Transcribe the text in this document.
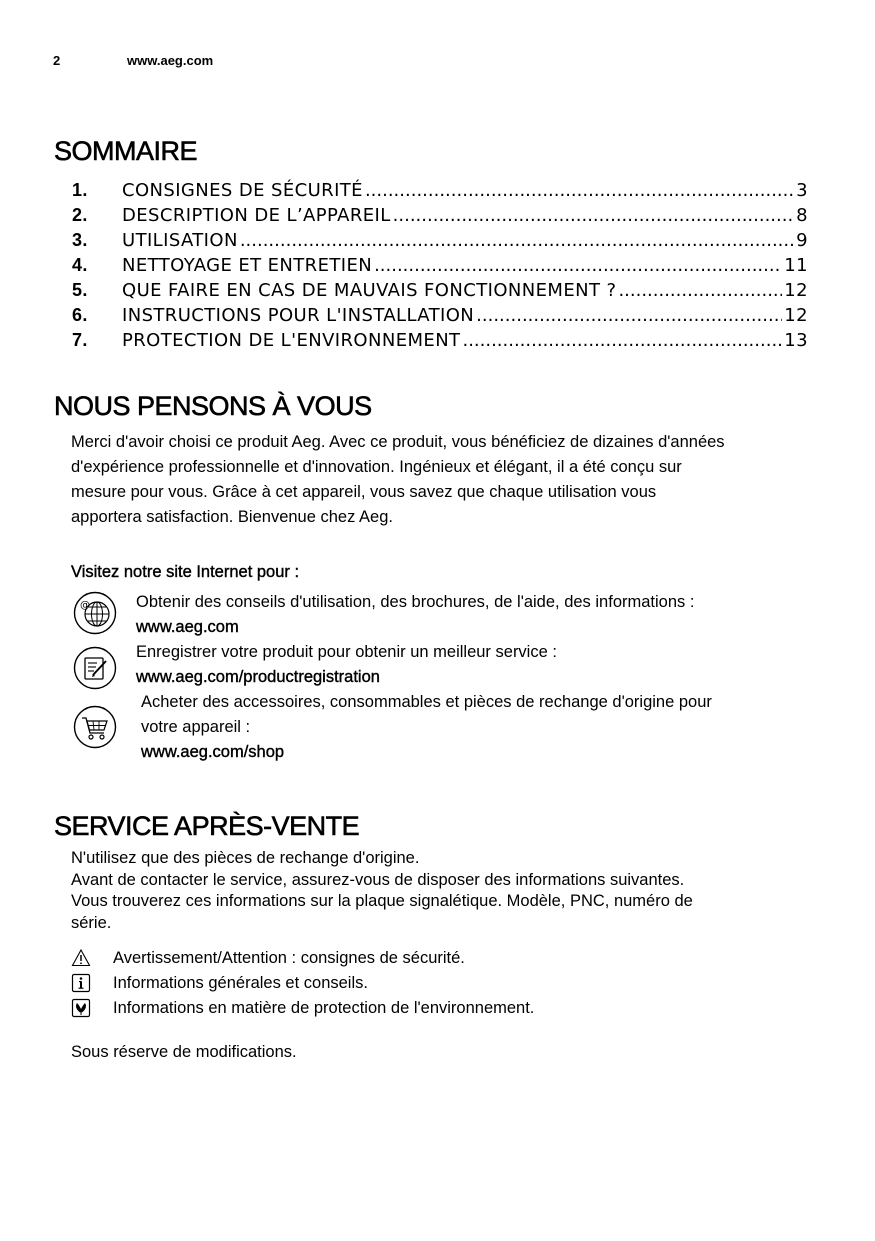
2	www.aeg.com
SOMMAIRE
1.	CONSIGNES DE SÉCURITÉ .....	3
2.	DESCRIPTION DE L’APPAREIL .....	8
3.	UTILISATION .....	9
4.	NETTOYAGE ET ENTRETIEN .....	11
5.	QUE FAIRE EN CAS DE MAUVAIS FONCTIONNEMENT ? .....	12
6.	INSTRUCTIONS POUR L'INSTALLATION .....	12
7.	PROTECTION DE L'ENVIRONNEMENT .....	13
NOUS PENSONS À VOUS
Merci d'avoir choisi ce produit Aeg. Avec ce produit, vous bénéficiez de dizaines d'années
d'expérience professionnelle et d'innovation. Ingénieux et élégant, il a été conçu sur
mesure pour vous. Grâce à cet appareil, vous savez que chaque utilisation vous
apportera satisfaction. Bienvenue chez Aeg.
Visitez notre site Internet pour :
@	Obtenir des conseils d'utilisation, des brochures, de l'aide, des informations :
www.aeg.com
Enregistrer votre produit pour obtenir un meilleur service :
www.aeg.com/productregistration
Acheter des accessoires, consommables et pièces de rechange d'origine pour
votre appareil :
www.aeg.com/shop
SERVICE APRÈS-VENTE
N'utilisez que des pièces de rechange d'origine.
Avant de contacter le service, assurez-vous de disposer des informations suivantes.
Vous trouverez ces informations sur la plaque signalétique. Modèle, PNC, numéro de
série.
Avertissement/Attention : consignes de sécurité.
Informations générales et conseils.
Informations en matière de protection de l'environnement.
Sous réserve de modifications.
